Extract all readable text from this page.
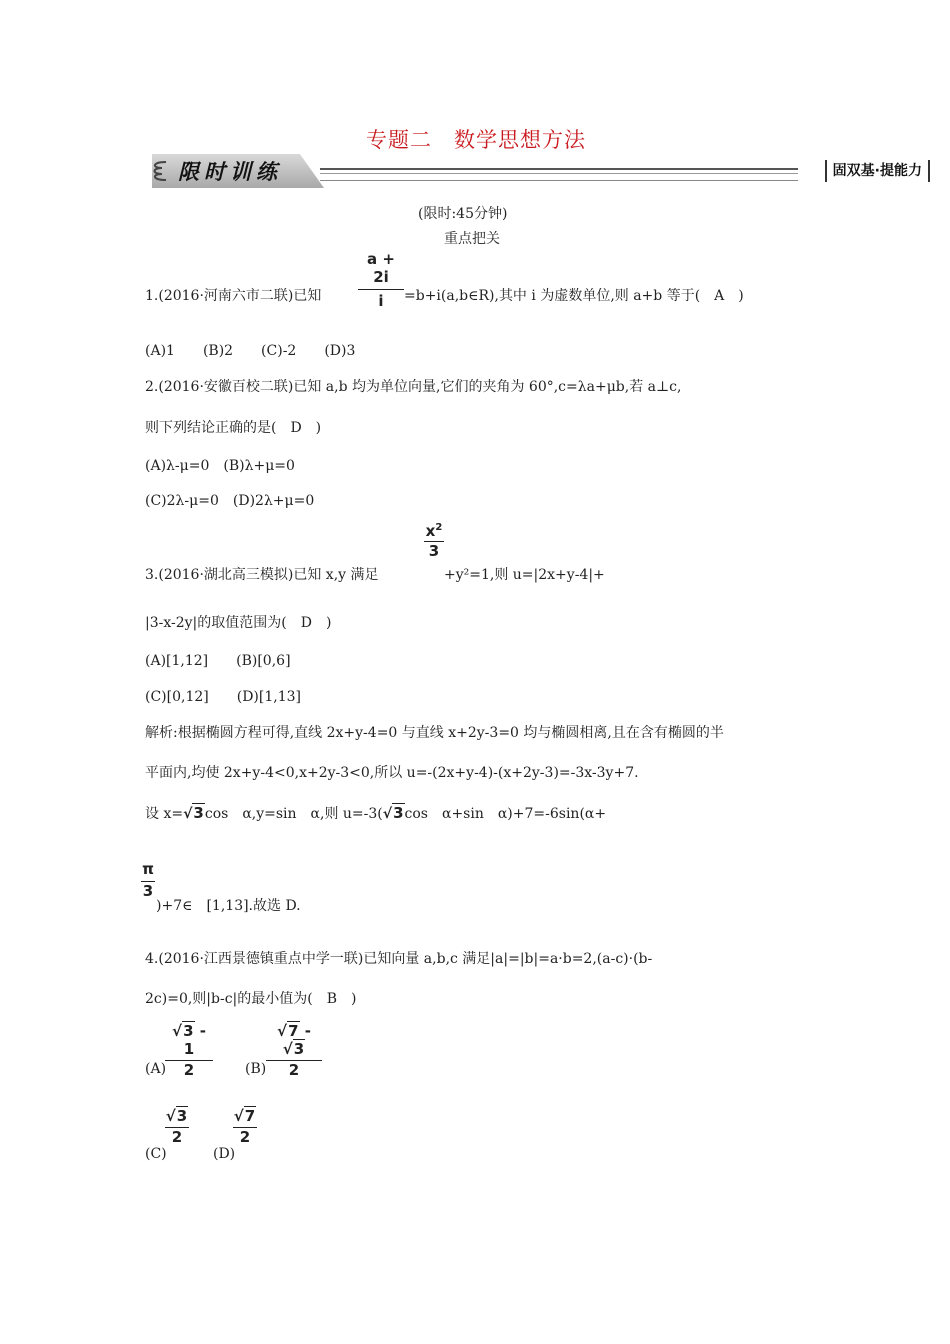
专题二　数学思想方法
限时训练	固双基·提能力
(限时:45分钟)
重点把关
a + 2i
i
1.(2016·河南六市二联)已知	=b+i(a,b∈R),其中 i 为虚数单位,则 a+b 等于(　A　)
(A)1　　(B)2　　(C)-2　　(D)3
2.(2016·安徽百校二联)已知 a,b 均为单位向量,它们的夹角为 60°,c=λa+μb,若 a⊥c,
则下列结论正确的是(　D　)
(A)λ-μ=0　(B)λ+μ=0
(C)2λ-μ=0　(D)2λ+μ=0
$x^2$
3
3.(2016·湖北高三模拟)已知 x,y 满足	+y²=1,则 u=|2x+y-4|+
|3-x-2y|的取值范围为(　D　)
(A)[1,12]　　(B)[0,6]
(C)[0,12]　　(D)[1,13]
解析:根据椭圆方程可得,直线 2x+y-4=0 与直线 x+2y-3=0 均与椭圆相离,且在含有椭圆的半
平面内,均使 2x+y-4<0,x+2y-3<0,所以 u=-(2x+y-4)-(x+2y-3)=-3x-3y+7.
设 x=√3cos　α,y=sin　α,则 u=-3(√3cos　α+sin　α)+7=-6sin(α+
π
3
)+7∈　[1,13].故选 D.
4.(2016·江西景德镇重点中学一联)已知向量 a,b,c 满足|a|=|b|=a·b=2,(a-c)·(b-
2c)=0,则|b-c|的最小值为(　B　)
(A)
√3 - 1
2	(B)
√7 - √3
2
(C)
√3
2
(D)
√7
2
